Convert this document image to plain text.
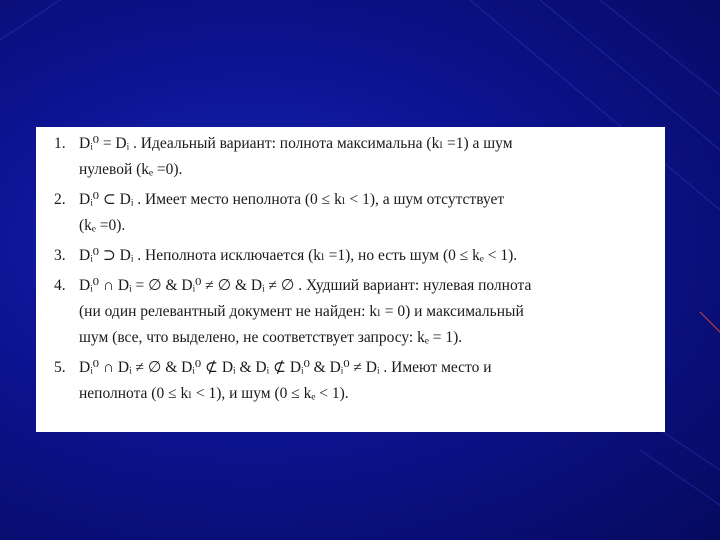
1. Dᵢ⁰ = Dᵢ . Идеальный вариант: полнота максимальна (kₗ =1) а шум
нулевой (kₑ =0).
2. Dᵢ⁰ ⊂ Dᵢ . Имеет место неполнота (0 ≤ kₗ < 1), а шум отсутствует
(kₑ =0).
3. Dᵢ⁰ ⊃ Dᵢ . Неполнота исключается (kₗ =1), но есть шум (0 ≤ kₑ < 1).
4. Dᵢ⁰ ∩ Dᵢ = ∅ & Dᵢ⁰ ≠ ∅ & Dᵢ ≠ ∅ . Худший вариант: нулевая полнота
(ни один релевантный документ не найден: kₗ = 0) и максимальный
шум (все, что выделено, не соответствует запросу: kₑ = 1).
5. Dᵢ⁰ ∩ Dᵢ ≠ ∅ & Dᵢ⁰ ⊄ Dᵢ & Dᵢ ⊄ Dᵢ⁰ & Dᵢ⁰ ≠ Dᵢ . Имеют место и
неполнота (0 ≤ kₗ < 1), и шум (0 ≤ kₑ < 1).
